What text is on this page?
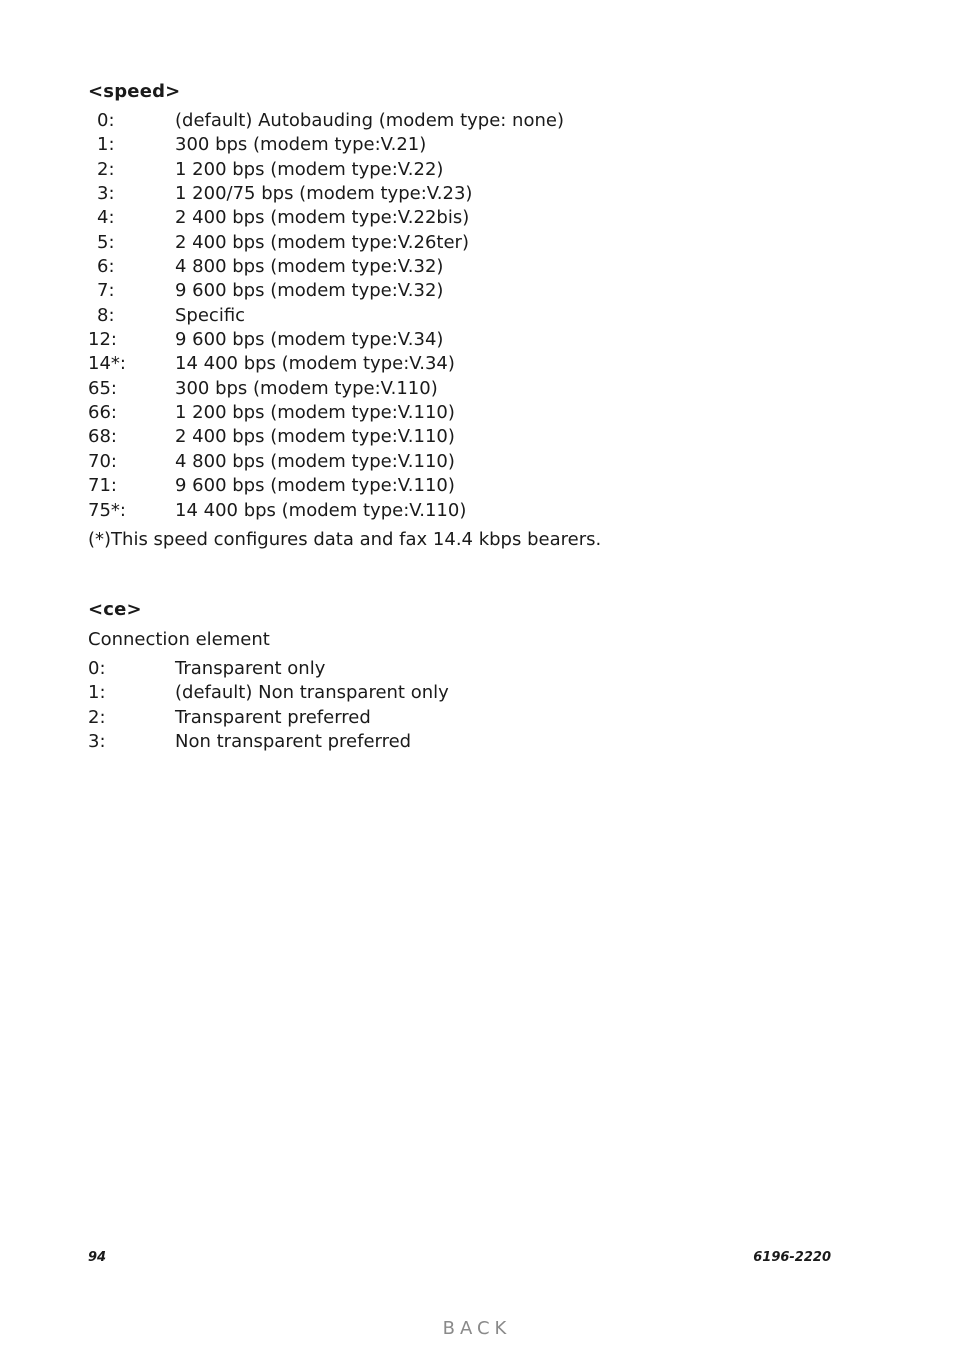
<speed>
0:	(default) Autobauding (modem type: none)
1:	300 bps (modem type:V.21)
2:	1 200 bps (modem type:V.22)
3:	1 200/75 bps (modem type:V.23)
4:	2 400 bps (modem type:V.22bis)
5:	2 400 bps (modem type:V.26ter)
6:	4 800 bps (modem type:V.32)
7:	9 600 bps (modem type:V.32)
8:	Specific
12:	9 600 bps (modem type:V.34)
14*:	14 400 bps (modem type:V.34)
65:	300 bps (modem type:V.110)
66:	1 200 bps (modem type:V.110)
68:	2 400 bps (modem type:V.110)
70:	4 800 bps (modem type:V.110)
71:	9 600 bps (modem type:V.110)
75*:	14 400 bps (modem type:V.110)
(*)This speed configures data and fax 14.4 kbps bearers.
<ce>
Connection element
0:	Transparent only
1:	(default) Non transparent only
2:	Transparent preferred
3:	Non transparent preferred
94	6196-2220
BACK
